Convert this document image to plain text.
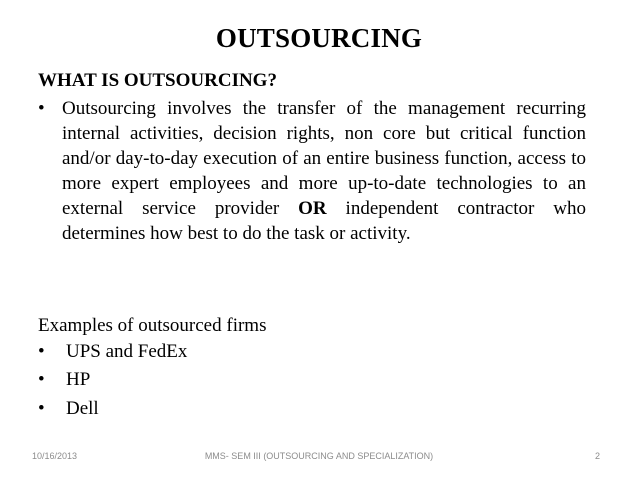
OUTSOURCING
WHAT IS OUTSOURCING?
• Outsourcing involves the transfer of the management recurring internal activities, decision rights, non core but critical function and/or day-to-day execution of an entire business function, access to more expert employees and more up-to-date technologies to an external service provider OR independent contractor who determines how best to do the task or activity.
Examples of outsourced firms
• UPS and FedEx
• HP
• Dell
10/16/2013	MMS- SEM III (OUTSOURCING AND SPECIALIZATION)	2
